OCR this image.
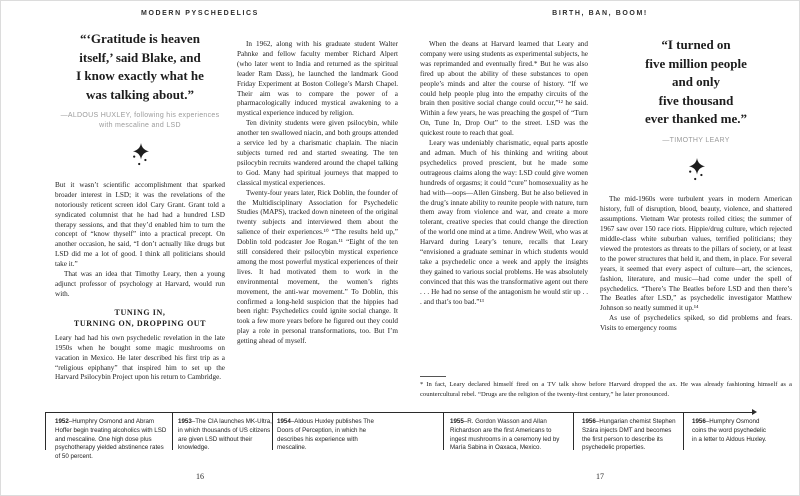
MODERN PYSCHEDELICS	BIRTH, BAN, BOOM!
“‘Gratitude is heaven
itself,’ said Blake, and
I know exactly what he
was talking about.”
—ALDOUS HUXLEY, following his experiences with mescaline and LSD

But it wasn’t scientific accomplishment that sparked broader interest in LSD; it was the revelations of the notoriously reticent screen idol Cary Grant. Grant told a syndicated columnist that he had had a hundred LSD therapy sessions, and that they’d enabled him to turn the concept of “know thyself” into a practical precept. On another occasion, he said, “I don’t actually like drugs but LSD did me a lot of good. I think all politicians should take it.”

That was an idea that Timothy Leary, then a young adjunct professor of psychology at Harvard, would run with.

TUNING IN,
TURNING ON, DROPPING OUT

Leary had had his own psychedelic revelation in the late 1950s when he bought some magic mushrooms on vacation in Mexico. He later described his first trip as a “religious epiphany” that inspired him to set up the Harvard Psilocybin Project upon his return to Cambridge.

In 1962, along with his graduate student Walter Pahnke and fellow faculty member Richard Alpert (who later went to India and returned as the spiritual leader Ram Dass), he launched the landmark Good Friday Experiment at Boston College’s Marsh Chapel. Their aim was to compare the power of a pharmacologically induced mystical awakening to a mystical experience induced by religion.

Ten divinity students were given psilocybin, while another ten swallowed niacin, and both groups attended a service led by a charismatic chaplain. The niacin subjects turned red and started sweating. The ten psilocybin recruits wandered around the chapel talking to God. Many had spiritual journeys that mapped to classical mystical experiences.

Twenty-four years later, Rick Doblin, the founder of the Multidisciplinary Association for Psychedelic Studies (MAPS), tracked down nineteen of the original twenty subjects and interviewed them about the salience of their experiences.¹⁰ “The results held up,” Doblin told podcaster Joe Rogan.¹¹ “Eight of the ten still considered their psilocybin mystical experience among the most powerful mystical experiences of their lives. It had motivated them to work in the environmental movement, the women’s rights movement, the anti-war movement.” To Doblin, this confirmed a long-held suspicion that the hippies had been right: Psychedelics could ignite social change. It took a few more years before he figured out they could play a role in personal transformations, too. But I’m getting ahead of myself.

When the deans at Harvard learned that Leary and company were using students as experimental subjects, he was reprimanded and eventually fired.* But he was also fired up about the ability of these substances to open people’s minds and alter the course of history. “If we could help people plug into the empathy circuits of the brain then positive social change could occur,”¹² he said. Within a few years, he was preaching the gospel of “Turn On, Tune In, Drop Out” to the street. LSD was the quickest route to reach that goal.

Leary was undeniably charismatic, equal parts apostle and adman. Much of his thinking and writing about psychedelics proved prescient, but he made some outrageous claims along the way: LSD could give women hundreds of orgasms; it could “cure” homosexuality as he had with—oops—Allen Ginsberg. But he also believed in the drug’s innate ability to reunite people with nature, turn them away from violence and war, and create a more tolerant, creative species that could change the direction of the world one mind at a time. Andrew Weil, who was at Harvard during Leary’s tenure, recalls that Leary “envisioned a graduate seminar in which students would take a psychedelic once a week and apply the insights they gained to various social problems. He was absolutely convinced that this was the transformative agent out there . . . He had no sense of the antagonism he would stir up . . . and that’s too bad.”¹³

“I turned on
five million people
and only
five thousand
ever thanked me.”
—TIMOTHY LEARY

The mid-1960s were turbulent years in modern American history, full of disruption, blood, beauty, violence, and shattered assumptions. Vietnam War protests roiled cities; the summer of 1967 saw over 150 race riots. Hippie/drug culture, which rejected middle-class white suburban values, terrified politicians; they viewed the protestors as threats to the pillars of society, or at least to the power structures that held it, and them, in place. For several years, it seemed that every aspect of culture—art, the sciences, fashion, literature, and music—had come under the spell of psychedelics. “There’s The Beatles before LSD and then there’s The Beatles after LSD,” as psychedelic investigator Matthew Johnson so neatly summed it up.¹⁴

As use of psychedelics spiked, so did problems and fears. Visits to emergency rooms

* In fact, Leary declared himself fired on a TV talk show before Harvard dropped the ax. He was already fashioning himself as a countercultural rebel. “Drugs are the religion of the twenty-first century,” he later pronounced.

1952–Humphry Osmond and Abram Hoffer begin treating alcoholics with LSD and mescaline. One high dose plus psychotherapy yielded abstinence rates of 50 percent.
1953–The CIA launches MK-Ultra, in which thousands of US citizens are given LSD without their knowledge.
1954–Aldous Huxley publishes The Doors of Perception, in which he describes his experience with mescaline.
1955–R. Gordon Wasson and Allan Richardson are the first Americans to ingest mushrooms in a ceremony led by María Sabina in Oaxaca, Mexico.
1956–Hungarian chemist Stephen Szára injects DMT and becomes the first person to describe its psychedelic properties.
1956–Humphry Osmond coins the word psychedelic in a letter to Aldous Huxley.
16	17
